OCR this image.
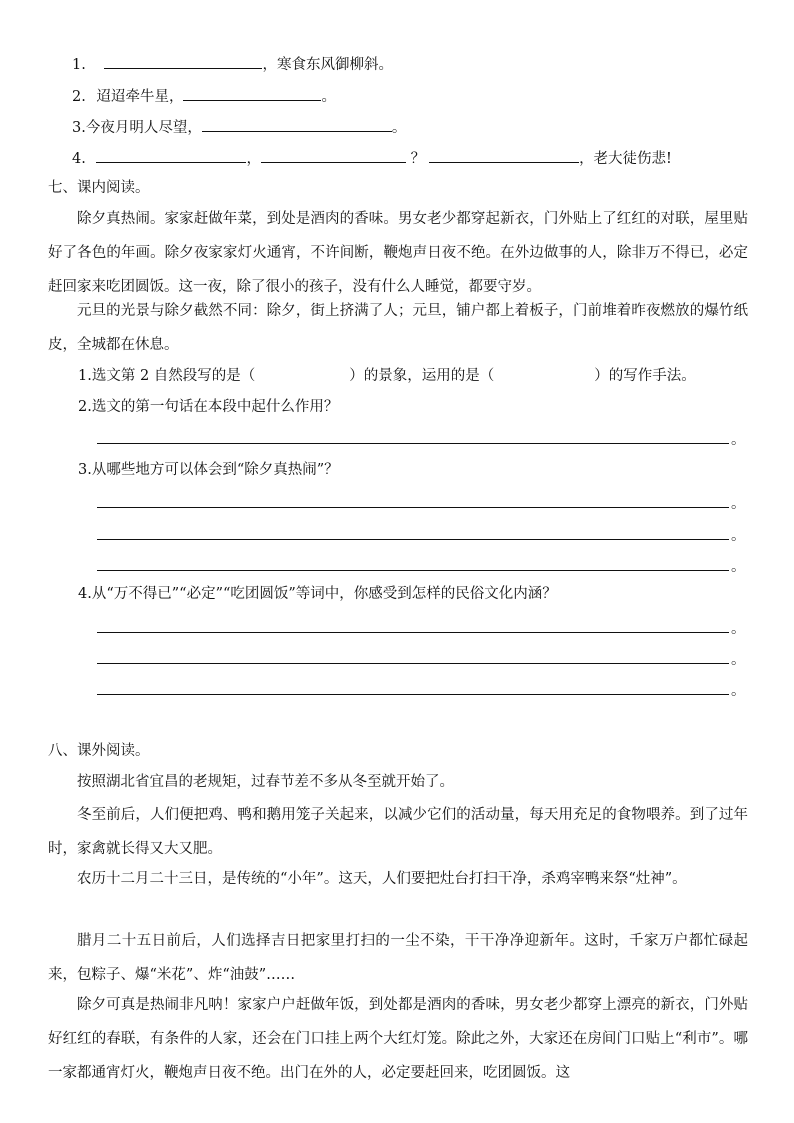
1.	，寒食东风御柳斜。
2. 迢迢牵牛星，	。
3.今夜月明人尽望，	。
4.	，	？	，老大徒伤悲!
七、课内阅读。

除夕真热闹。家家赶做年菜，到处是酒肉的香味。男女老少都穿起新衣，门外贴上了红红的对联，屋里贴好了各色的年画。除夕夜家家灯火通宵，不许间断，鞭炮声日夜不绝。在外边做事的人，除非万不得已，必定赶回家来吃团圆饭。这一夜，除了很小的孩子，没有什么人睡觉，都要守岁。

元旦的光景与除夕截然不同：除夕，街上挤满了人；元旦，铺户都上着板子，门前堆着昨夜燃放的爆竹纸皮，全城都在休息。

1.选文第 2 自然段写的是（	）的景象，运用的是（	）的写作手法。
2.选文的第一句话在本段中起什么作用？
。
3.从哪些地方可以体会到“除夕真热闹”？
。
。
。
4.从“万不得已”“必定”“吃团圆饭”等词中，你感受到怎样的民俗文化内涵？
。
。
。
八、课外阅读。

按照湖北省宜昌的老规矩，过春节差不多从冬至就开始了。

冬至前后，人们便把鸡、鸭和鹅用笼子关起来，以减少它们的活动量，每天用充足的食物喂养。到了过年时，家禽就长得又大又肥。

农历十二月二十三日，是传统的“小年”。这天，人们要把灶台打扫干净，杀鸡宰鸭来祭“灶神”。

腊月二十五日前后，人们选择吉日把家里打扫的一尘不染，干干净净迎新年。这时，千家万户都忙碌起来，包粽子、爆“米花”、炸“油鼓”……

除夕可真是热闹非凡呐！家家户户赶做年饭，到处都是酒肉的香味，男女老少都穿上漂亮的新衣，门外贴好红红的春联，有条件的人家，还会在门口挂上两个大红灯笼。除此之外，大家还在房间门口贴上“利市”。哪一家都通宵灯火，鞭炮声日夜不绝。出门在外的人，必定要赶回来，吃团圆饭。这
